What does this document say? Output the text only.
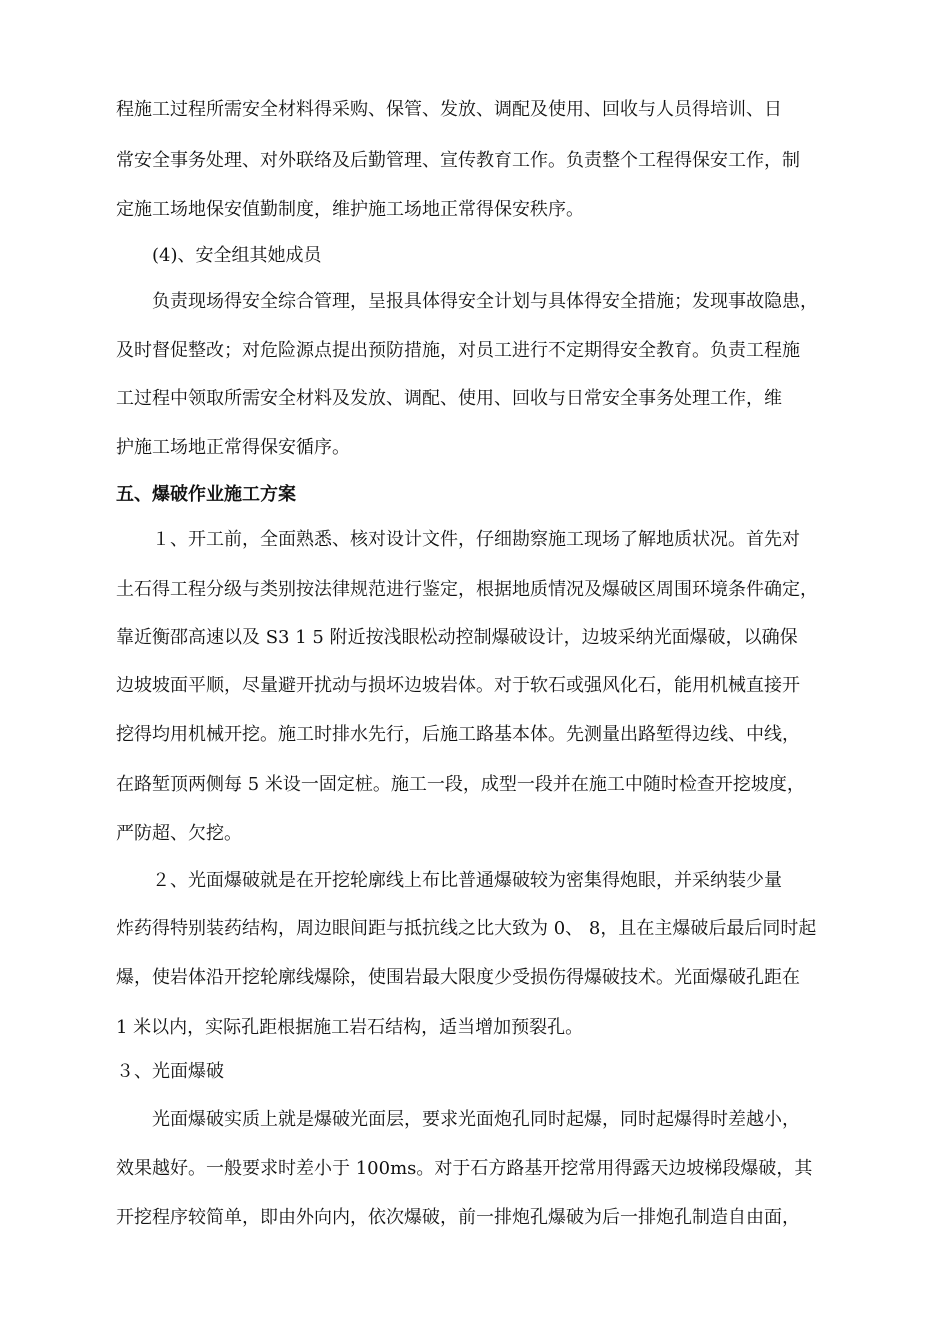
程施工过程所需安全材料得采购、保管、发放、调配及使用、回收与人员得培训、日
常安全事务处理、对外联络及后勤管理、宣传教育工作。负责整个工程得保安工作，制
定施工场地保安值勤制度，维护施工场地正常得保安秩序。
(4)、安全组其她成员
负责现场得安全综合管理，呈报具体得安全计划与具体得安全措施；发现事故隐患，
及时督促整改；对危险源点提出预防措施，对员工进行不定期得安全教育。负责工程施
工过程中领取所需安全材料及发放、调配、使用、回收与日常安全事务处理工作，维
护施工场地正常得保安循序。
五、爆破作业施工方案
１、开工前，全面熟悉、核对设计文件，仔细勘察施工现场了解地质状况。首先对
土石得工程分级与类别按法律规范进行鉴定，根据地质情况及爆破区周围环境条件确定，
靠近衡邵高速以及 S3 1 5 附近按浅眼松动控制爆破设计，边坡采纳光面爆破，以确保
边坡坡面平顺，尽量避开扰动与损坏边坡岩体。对于软石或强风化石，能用机械直接开
挖得均用机械开挖。施工时排水先行，后施工路基本体。先测量出路堑得边线、中线，
在路堑顶两侧每 5 米设一固定桩。施工一段，成型一段并在施工中随时检查开挖坡度，
严防超、欠挖。
２、光面爆破就是在开挖轮廓线上布比普通爆破较为密集得炮眼，并采纳装少量
炸药得特别装药结构，周边眼间距与抵抗线之比大致为 0、 8，且在主爆破后最后同时起
爆，使岩体沿开挖轮廓线爆除，使围岩最大限度少受损伤得爆破技术。光面爆破孔距在
1 米以内，实际孔距根据施工岩石结构，适当增加预裂孔。
３、光面爆破
光面爆破实质上就是爆破光面层，要求光面炮孔同时起爆，同时起爆得时差越小，
效果越好。一般要求时差小于 100ms。对于石方路基开挖常用得露天边坡梯段爆破，其
开挖程序较简单，即由外向内，依次爆破，前一排炮孔爆破为后一排炮孔制造自由面，
